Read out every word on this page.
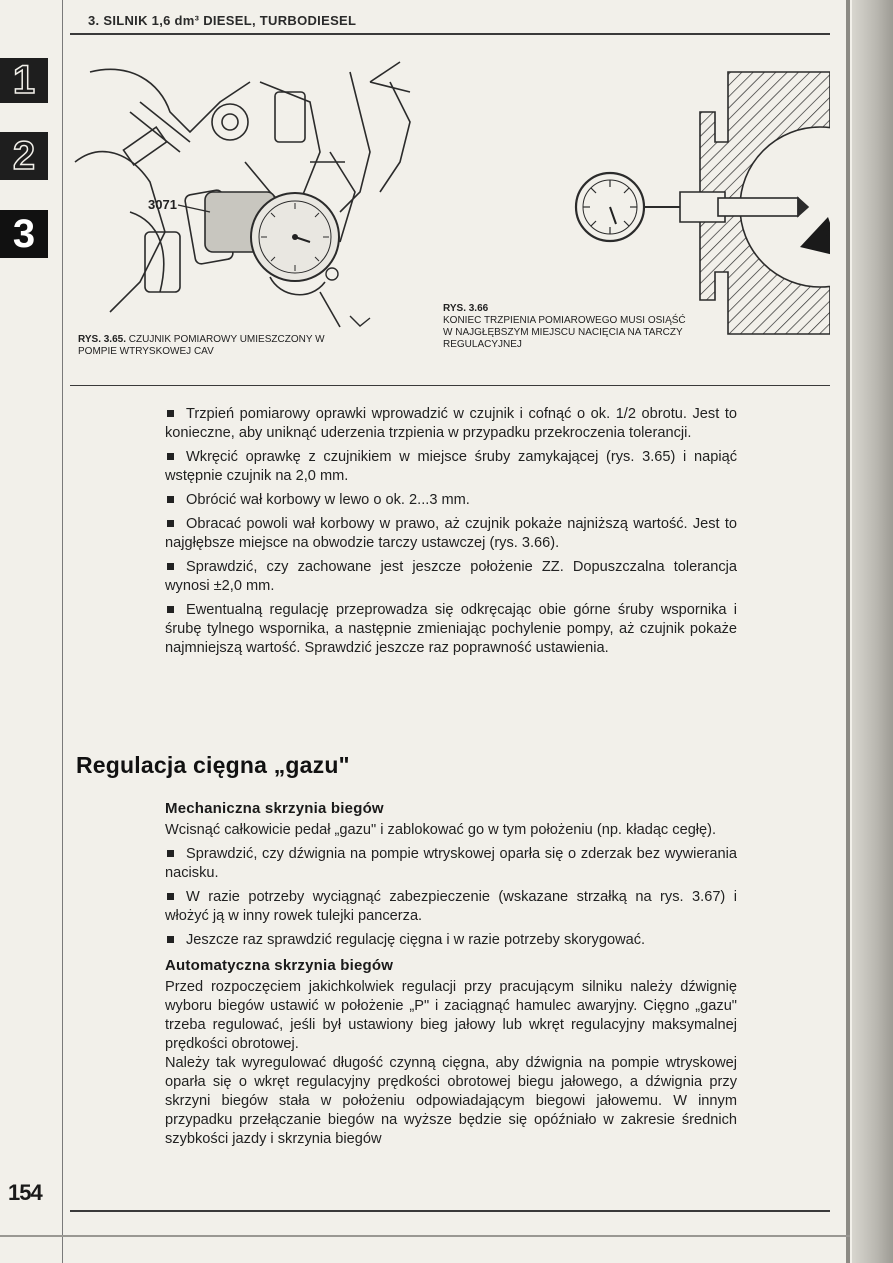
3. SILNIK 1,6 dm³ DIESEL, TURBODIESEL
1
2
3
3071
RYS. 3.65. CZUJNIK POMIAROWY UMIESZCZONY W POMPIE WTRYSKOWEJ CAV
RYS. 3.66
KONIEC TRZPIENIA POMIAROWEGO MUSI OSIĄŚĆ W NAJGŁĘBSZYM MIEJSCU NACIĘCIA NA TARCZY REGULACYJNEJ

Trzpień pomiarowy oprawki wprowadzić w czujnik i cofnąć o ok. 1/2 obrotu. Jest to konieczne, aby uniknąć uderzenia trzpienia w przypadku przekroczenia tolerancji.

Wkręcić oprawkę z czujnikiem w miejsce śruby zamykającej (rys. 3.65) i napiąć wstępnie czujnik na 2,0 mm.

Obrócić wał korbowy w lewo o ok. 2...3 mm.

Obracać powoli wał korbowy w prawo, aż czujnik pokaże najniższą wartość. Jest to najgłębsze miejsce na obwodzie tarczy ustawczej (rys. 3.66).

Sprawdzić, czy zachowane jest jeszcze położenie ZZ. Dopuszczalna tolerancja wynosi ±2,0 mm.

Ewentualną regulację przeprowadza się odkręcając obie górne śruby wspornika i śrubę tylnego wspornika, a następnie zmieniając pochylenie pompy, aż czujnik pokaże najmniejszą wartość. Sprawdzić jeszcze raz poprawność ustawienia.

Regulacja cięgna „gazu"
Mechaniczna skrzynia biegów

Wcisnąć całkowicie pedał „gazu" i zablokować go w tym położeniu (np. kładąc cegłę).

Sprawdzić, czy dźwignia na pompie wtryskowej oparła się o zderzak bez wywierania nacisku.

W razie potrzeby wyciągnąć zabezpieczenie (wskazane strzałką na rys. 3.67) i włożyć ją w inny rowek tulejki pancerza.

Jeszcze raz sprawdzić regulację cięgna i w razie potrzeby skorygować.

Automatyczna skrzynia biegów

Przed rozpoczęciem jakichkolwiek regulacji przy pracującym silniku należy dźwignię wyboru biegów ustawić w położenie „P" i zaciągnąć hamulec awaryjny. Cięgno „gazu" trzeba regulować, jeśli był ustawiony bieg jałowy lub wkręt regulacyjny maksymalnej prędkości obrotowej.

Należy tak wyregulować długość czynną cięgna, aby dźwignia na pompie wtryskowej oparła się o wkręt regulacyjny prędkości obrotowej biegu jałowego, a dźwignia przy skrzyni biegów stała w położeniu odpowiadającym biegowi jałowemu. W innym przypadku przełączanie biegów na wyższe będzie się opóźniało w zakresie średnich szybkości jazdy i skrzynia biegów

154
